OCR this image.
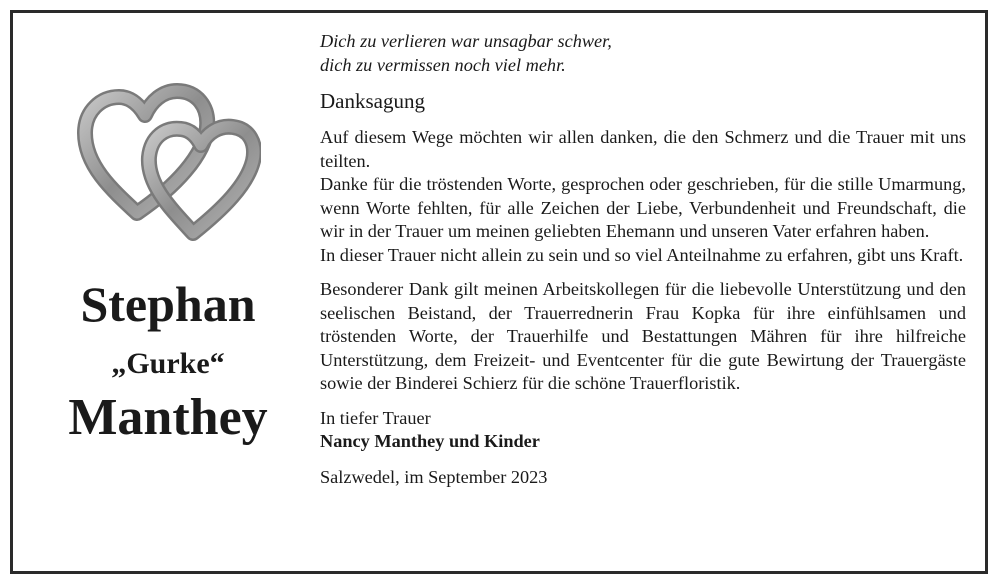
Stephan
„Gurke“
Manthey

Dich zu verlieren war unsagbar schwer,
dich zu vermissen noch viel mehr.

Danksagung

Auf diesem Wege möchten wir allen danken, die den Schmerz und die Trauer mit uns teilten.

Danke für die tröstenden Worte, gesprochen oder geschrieben, für die stille Umarmung, wenn Worte fehlten, für alle Zeichen der Liebe, Verbundenheit und Freundschaft, die wir in der Trauer um meinen geliebten Ehemann und unseren Vater erfahren haben.

In dieser Trauer nicht allein zu sein und so viel Anteilnahme zu erfahren, gibt uns Kraft.

Besonderer Dank gilt meinen Arbeitskollegen für die liebevolle Unterstützung und den seelischen Beistand, der Trauerrednerin Frau Kopka für ihre einfühlsamen und tröstenden Worte, der Trauerhilfe und Bestattungen Mähren für ihre hilfreiche Unterstützung, dem Freizeit- und Eventcenter für die gute Bewirtung der Trauergäste sowie der Binderei Schierz für die schöne Trauerfloristik.

In tiefer Trauer

Nancy Manthey und Kinder

Salzwedel, im September 2023
